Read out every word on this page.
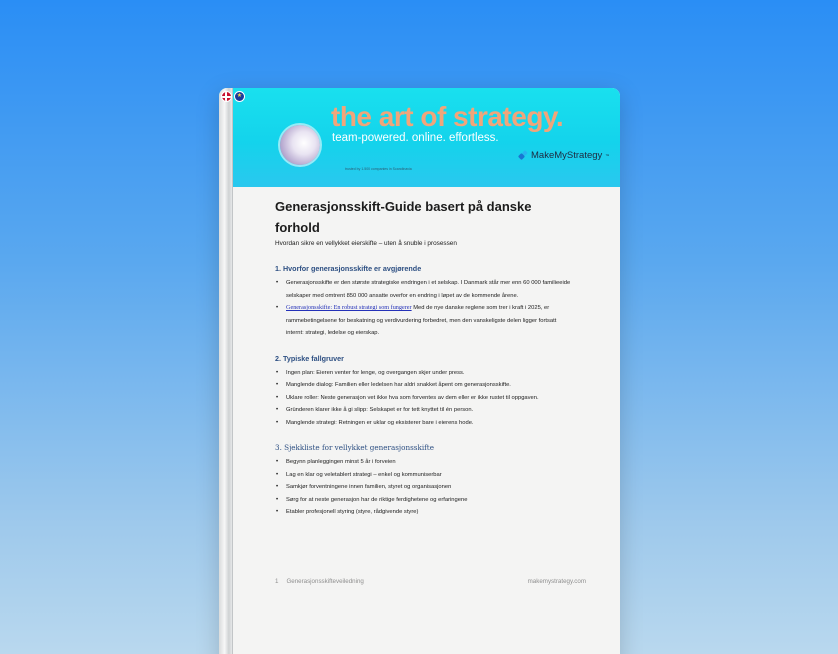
★
the art of strategy.
team-powered. online. effortless.
MakeMyStrategy ™
trusted by 1.500 companies in Scandinavia
Generasjonsskift-Guide basert på danske forhold
Hvordan sikre en vellykket eierskifte – uten å snuble i prosessen
1. Hvorfor generasjonsskifte er avgjørende
• Generasjonsskifte er den største strategiske endringen i et selskap. I Danmark står mer enn 60 000 familieeide selskaper med omtrent 850 000 ansatte overfor en endring i løpet av de kommende årene.
• Generasjonsskifte: En robust strategi som fungerer Med de nye danske reglene som trer i kraft i 2025, er rammebetingelsene for beskatning og verdivurdering forbedret, men den vanskeligste delen ligger fortsatt internt: strategi, ledelse og eierskap.
2. Typiske fallgruver
• Ingen plan: Eieren venter for lenge, og overgangen skjer under press.
• Manglende dialog: Familien eller ledelsen har aldri snakket åpent om generasjonsskifte.
• Uklare roller: Neste generasjon vet ikke hva som forventes av dem eller er ikke rustet til oppgaven.
• Gründeren klarer ikke å gi slipp: Selskapet er for tett knyttet til én person.
• Manglende strategi: Retningen er uklar og eksisterer bare i eierens hode.
3. Sjekkliste for vellykket generasjonsskifte
• Begynn planleggingen minst 5 år i forveien
• Lag en klar og veletablert strategi – enkel og kommuniserbar
• Samkjør forventningene innen familien, styret og organisasjonen
• Sørg for at neste generasjon har de riktige ferdighetene og erfaringene
• Etabler profesjonell styring (styre, rådgivende styre)
1 Generasjonsskifteveiledning	makemystrategy.com
